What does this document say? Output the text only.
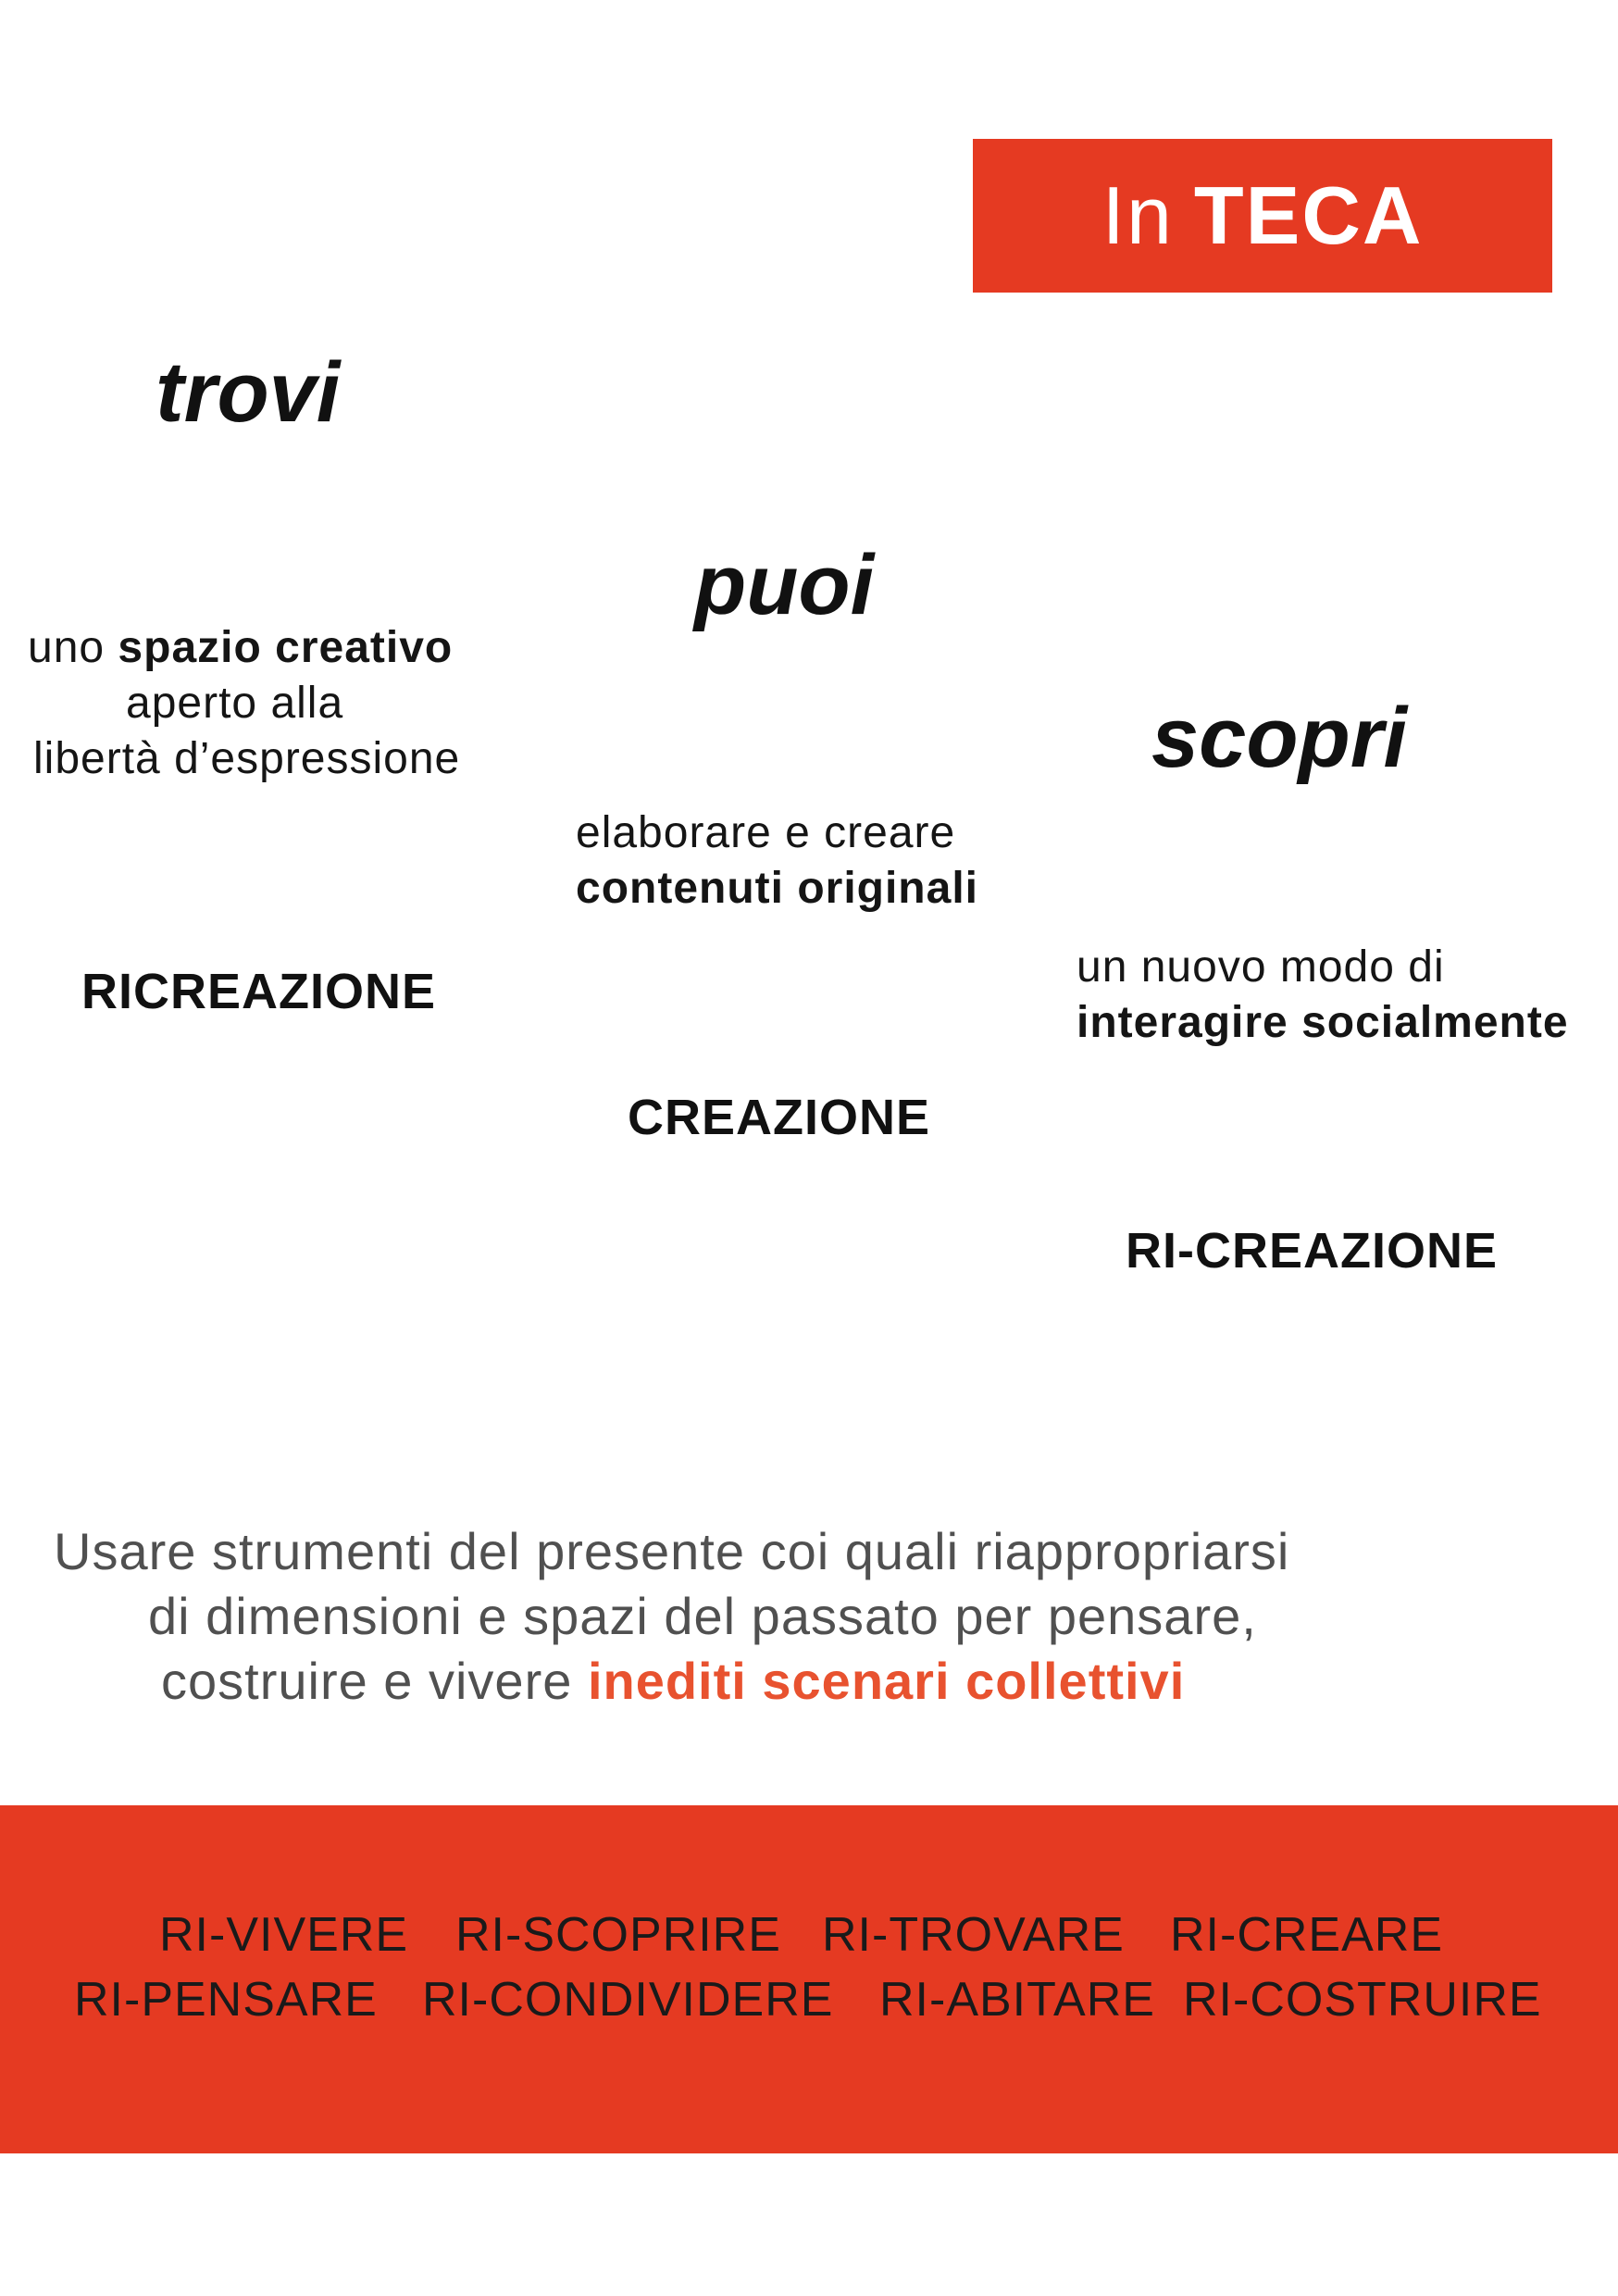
In TECA
trovi
uno spazio creativo
aperto alla
libertà d’espressione
RICREAZIONE
puoi
elaborare e creare
contenuti originali
CREAZIONE
scopri
un nuovo modo di
interagire socialmente
RI-CREAZIONE
Usare strumenti del presente coi quali riappropriarsi
di dimensioni e spazi del passato per pensare,
costruire e vivere inediti scenari collettivi
RI-VIVERE RI-SCOPRIRE RI-TROVARE RI-CREARE
RI-PENSARE RI-CONDIVIDERE RI-ABITARE RI-COSTRUIRE
